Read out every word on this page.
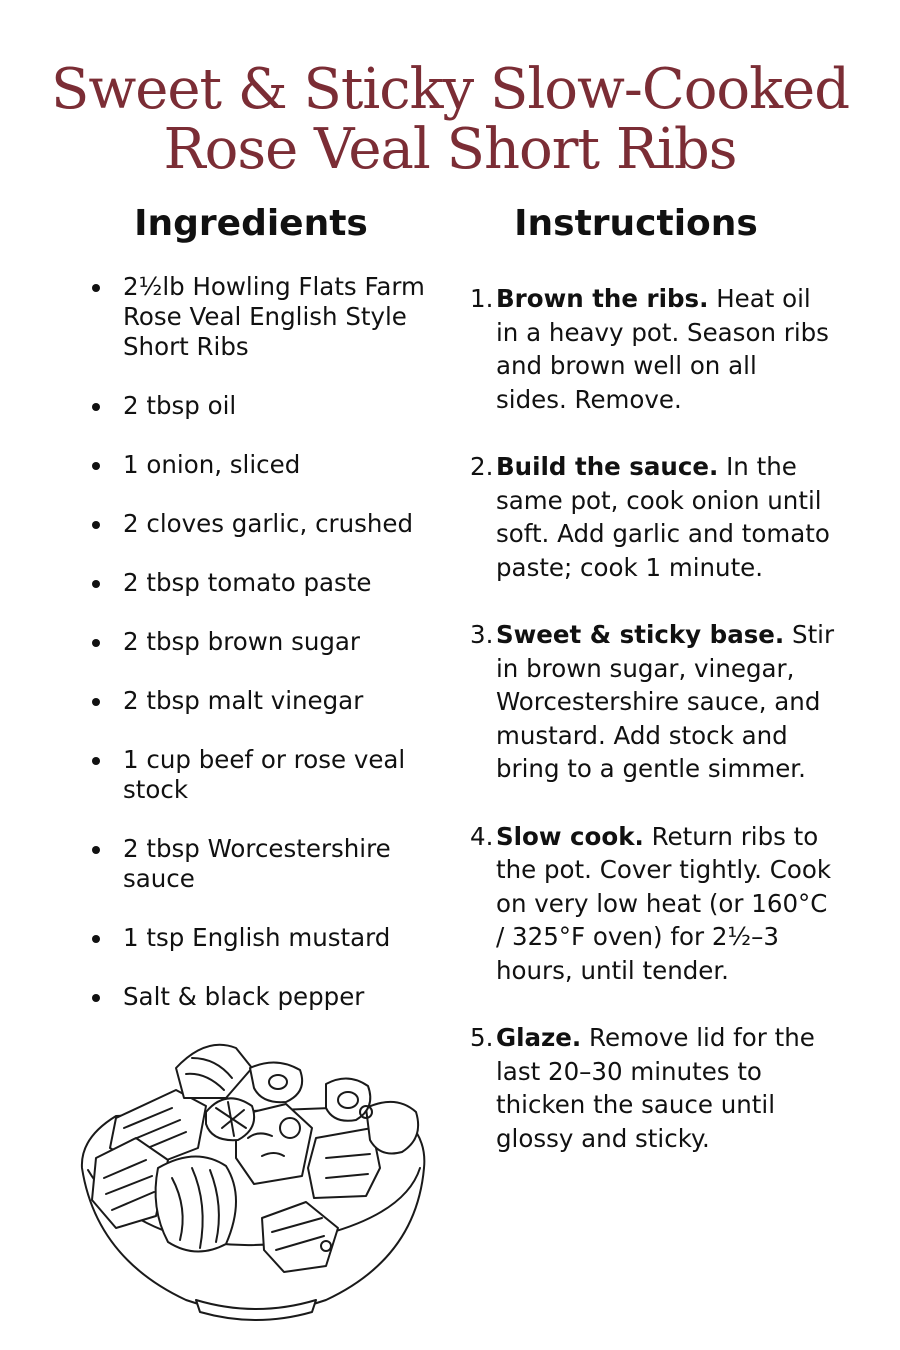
Sweet & Sticky Slow-Cooked
Rose Veal Short Ribs
Ingredients	Instructions
2½lb Howling Flats Farm Rose Veal English Style Short Ribs
2 tbsp oil
1 onion, sliced
2 cloves garlic, crushed
2 tbsp tomato paste
2 tbsp brown sugar
2 tbsp malt vinegar
1 cup beef or rose veal stock
2 tbsp Worcestershire sauce
1 tsp English mustard
Salt & black pepper
1. Brown the ribs. Heat oil in a heavy pot. Season ribs and brown well on all sides. Remove.
2. Build the sauce. In the same pot, cook onion until soft. Add garlic and tomato paste; cook 1 minute.
3. Sweet & sticky base. Stir in brown sugar, vinegar, Worcestershire sauce, and mustard. Add stock and bring to a gentle simmer.
4. Slow cook. Return ribs to the pot. Cover tightly. Cook on very low heat (or 160°C / 325°F oven) for 2½–3 hours, until tender.
5. Glaze. Remove lid for the last 20–30 minutes to thicken the sauce until glossy and sticky.
